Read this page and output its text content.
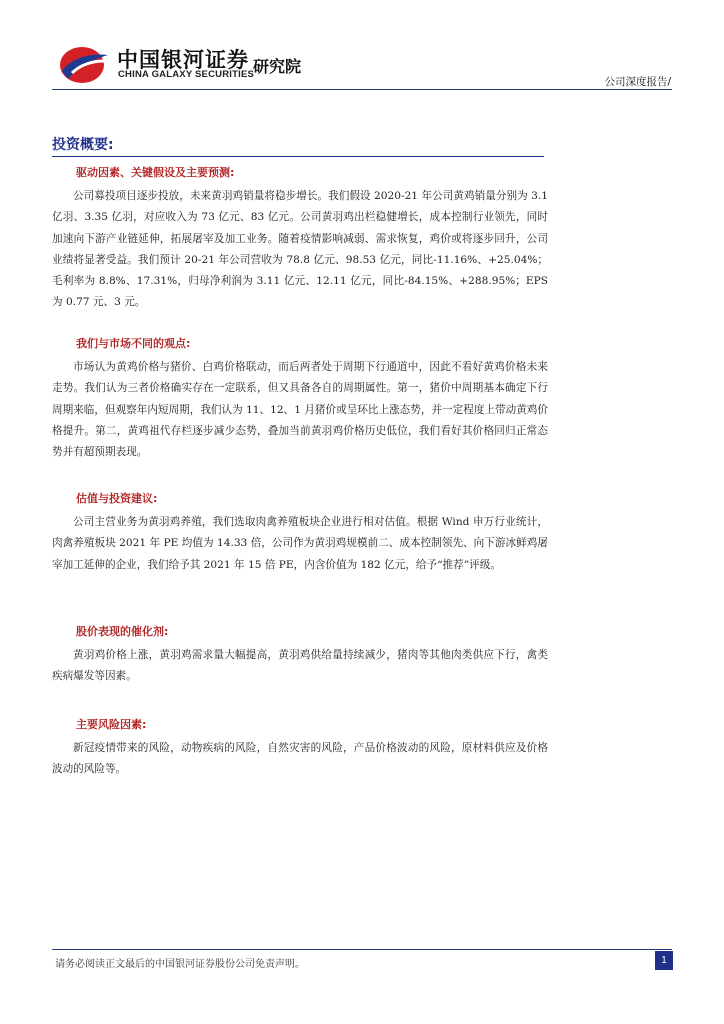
中国银河证券
CHINA GALAXY SECURITIES
研究院
公司深度报告/
投资概要:
驱动因素、关键假设及主要预测:

公司募投项目逐步投放，未来黄羽鸡销量将稳步增长。我们假设 2020-21 年公司黄鸡销量分别为 3.1 亿羽、3.35 亿羽，对应收入为 73 亿元、83 亿元。公司黄羽鸡出栏稳健增长，成本控制行业领先，同时加速向下游产业链延伸，拓展屠宰及加工业务。随着疫情影响减弱、需求恢复，鸡价或将逐步回升，公司业绩将显著受益。我们预计 20-21 年公司营收为 78.8 亿元、98.53 亿元，同比-11.16%、+25.04%；毛利率为 8.8%、17.31%，归母净利润为 3.11 亿元、12.11 亿元，同比-84.15%、+288.95%；EPS 为 0.77 元、3 元。

我们与市场不同的观点:

市场认为黄鸡价格与猪价、白鸡价格联动，而后两者处于周期下行通道中，因此不看好黄鸡价格未来走势。我们认为三者价格确实存在一定联系，但又具备各自的周期属性。第一，猪价中周期基本确定下行周期来临，但观察年内短周期，我们认为 11、12、1 月猪价或呈环比上涨态势，并一定程度上带动黄鸡价格提升。第二，黄鸡祖代存栏逐步减少态势，叠加当前黄羽鸡价格历史低位，我们看好其价格回归正常态势并有超预期表现。

估值与投资建议:

公司主营业务为黄羽鸡养殖，我们选取肉禽养殖板块企业进行相对估值。根据 Wind 申万行业统计，肉禽养殖板块 2021 年 PE 均值为 14.33 倍，公司作为黄羽鸡规模前二、成本控制领先、向下游冰鲜鸡屠宰加工延伸的企业，我们给予其 2021 年 15 倍 PE，内含价值为 182 亿元，给予“推荐”评级。

股价表现的催化剂:

黄羽鸡价格上涨，黄羽鸡需求量大幅提高，黄羽鸡供给量持续减少，猪肉等其他肉类供应下行，禽类疾病爆发等因素。

主要风险因素:

新冠疫情带来的风险，动物疾病的风险，自然灾害的风险，产品价格波动的风险，原材料供应及价格波动的风险等。

请务必阅读正文最后的中国银河证券股份公司免责声明。	1
